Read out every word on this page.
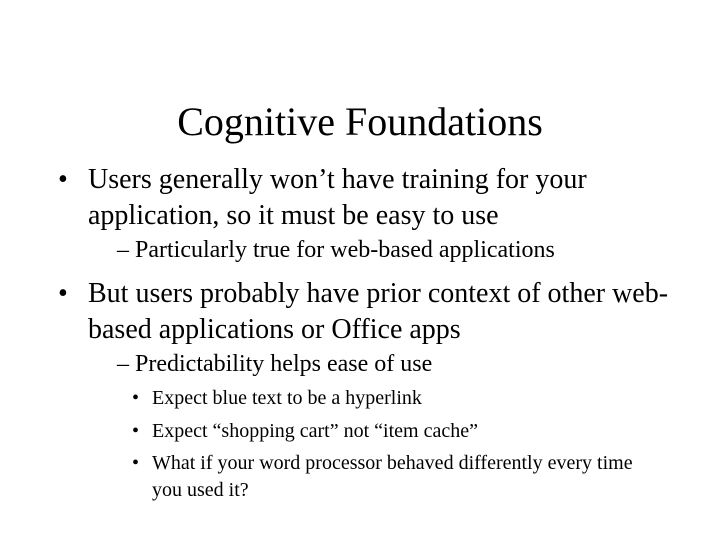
Cognitive Foundations
• Users generally won’t have training for your application, so it must be easy to use
– Particularly true for web-based applications
• But users probably have prior context of other web-based applications or Office apps
– Predictability helps ease of use
• Expect blue text to be a hyperlink
• Expect “shopping cart” not “item cache”
• What if your word processor behaved differently every time you used it?
